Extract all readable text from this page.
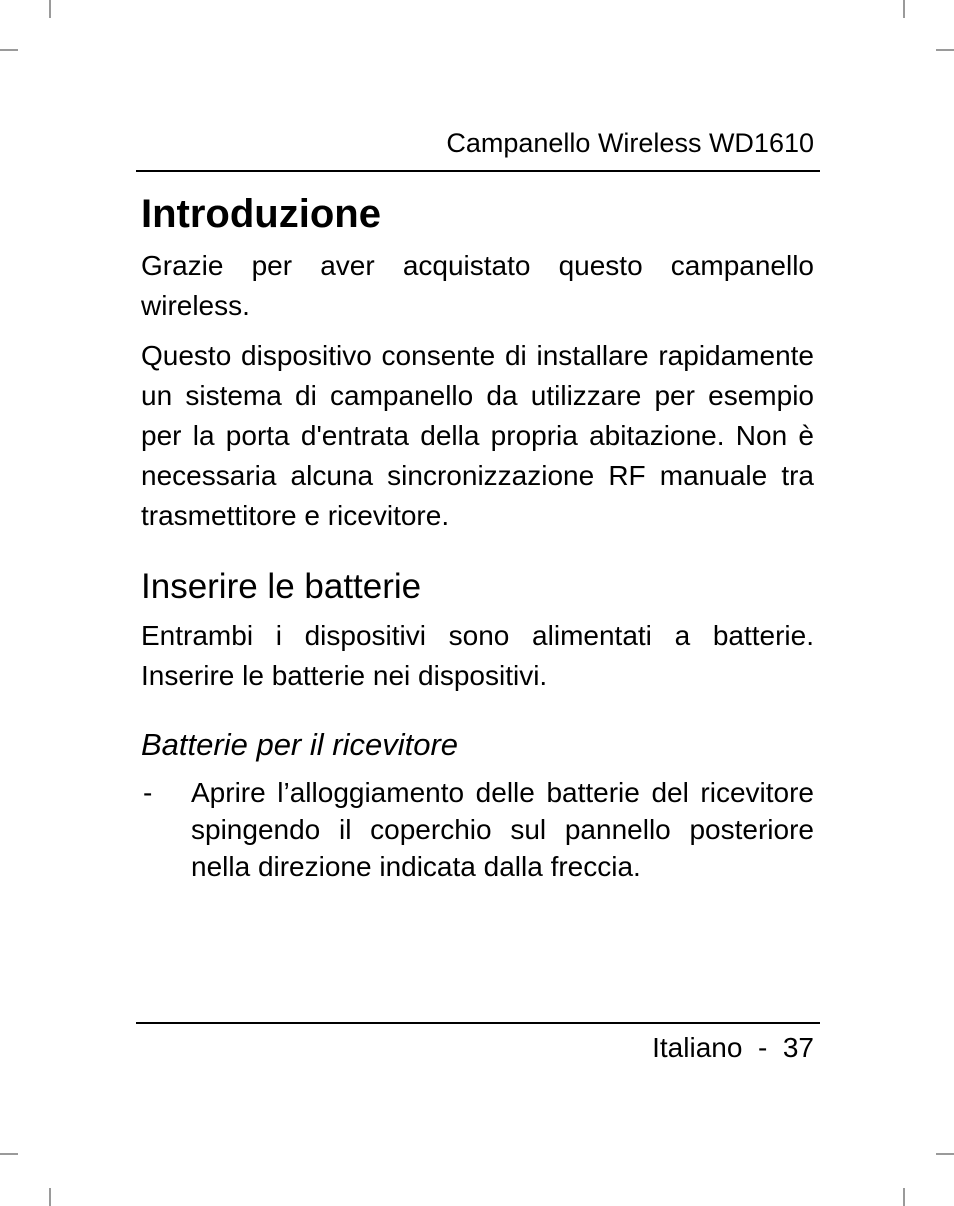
Campanello Wireless WD1610
Introduzione

Grazie per aver acquistato questo campanello wireless.

Questo dispositivo consente di installare rapidamente un sistema di campanello da utilizzare per esempio per la porta d'entrata della propria abitazione. Non è necessaria alcuna sincronizzazione RF manuale tra trasmettitore e ricevitore.

Inserire le batterie

Entrambi i dispositivi sono alimentati a batterie. Inserire le batterie nei dispositivi.

Batterie per il ricevitore
- Aprire l’alloggiamento delle batterie del ricevitore spingendo il coperchio sul pannello posteriore nella direzione indicata dalla freccia.
Italiano  -  37
